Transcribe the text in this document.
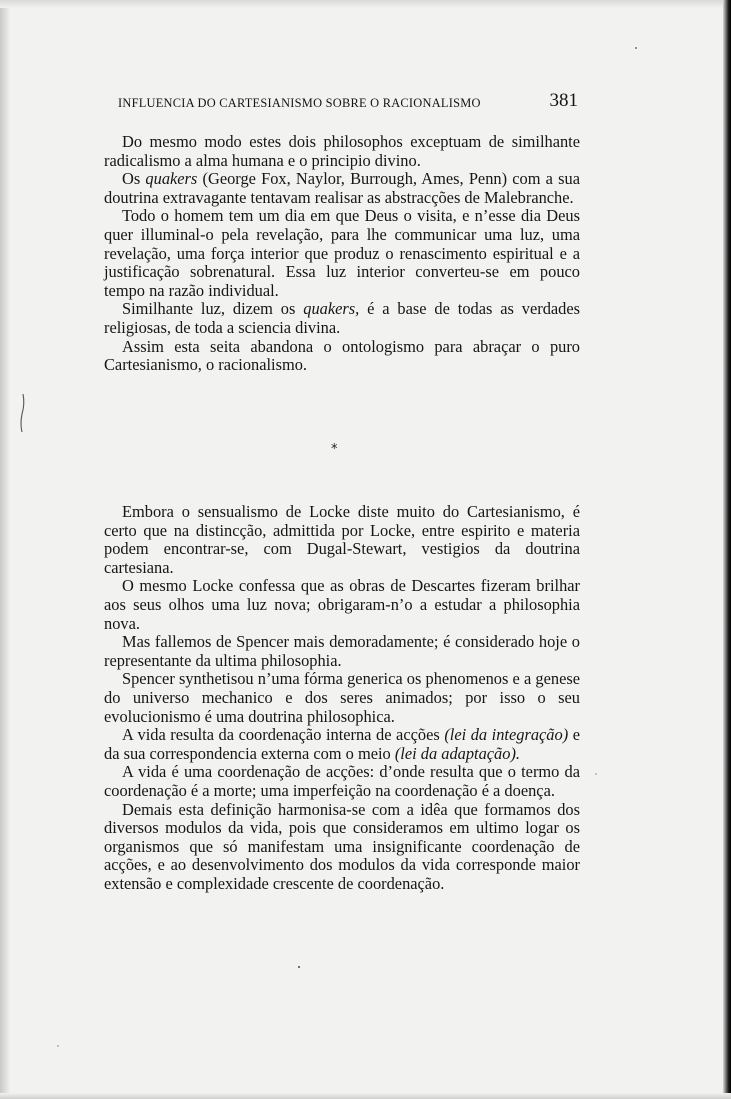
INFLUENCIA DO CARTESIANISMO SOBRE O RACIONALISMO	381

Do mesmo modo estes dois philosophos exceptuam de similhante radicalismo a alma humana e o principio divino.

Os quakers (George Fox, Naylor, Burrough, Ames, Penn) com a sua doutrina extravagante tentavam realisar as abstracções de Malebranche.

Todo o homem tem um dia em que Deus o visita, e n’esse dia Deus quer illuminal-o pela revelação, para lhe communicar uma luz, uma revelação, uma força interior que produz o renascimento espiritual e a justificação sobrenatural. Essa luz interior converteu-se em pouco tempo na razão individual.

Similhante luz, dizem os quakers, é a base de todas as verdades religiosas, de toda a sciencia divina.

Assim esta seita abandona o ontologismo para abraçar o puro Cartesianismo, o racionalismo.

*

Embora o sensualismo de Locke diste muito do Cartesianismo, é certo que na distincção, admittida por Locke, entre espirito e materia podem encontrar-se, com Dugal-Stewart, vestigios da doutrina cartesiana.

O mesmo Locke confessa que as obras de Descartes fizeram brilhar aos seus olhos uma luz nova; obrigaram-n’o a estudar a philosophia nova.

Mas fallemos de Spencer mais demoradamente; é considerado hoje o representante da ultima philosophia.

Spencer synthetisou n’uma fórma generica os phenomenos e a genese do universo mechanico e dos seres animados; por isso o seu evolucionismo é uma doutrina philosophica.

A vida resulta da coordenação interna de acções (lei da integração) e da sua correspondencia externa com o meio (lei da adaptação).

A vida é uma coordenação de acções: d’onde resulta que o termo da coordenação é a morte; uma imperfeição na coordenação é a doença.

Demais esta definição harmonisa-se com a idêa que formamos dos diversos modulos da vida, pois que consideramos em ultimo logar os organismos que só manifestam uma insignificante coordenação de acções, e ao desenvolvimento dos modulos da vida corresponde maior extensão e complexidade crescente de coordenação.
